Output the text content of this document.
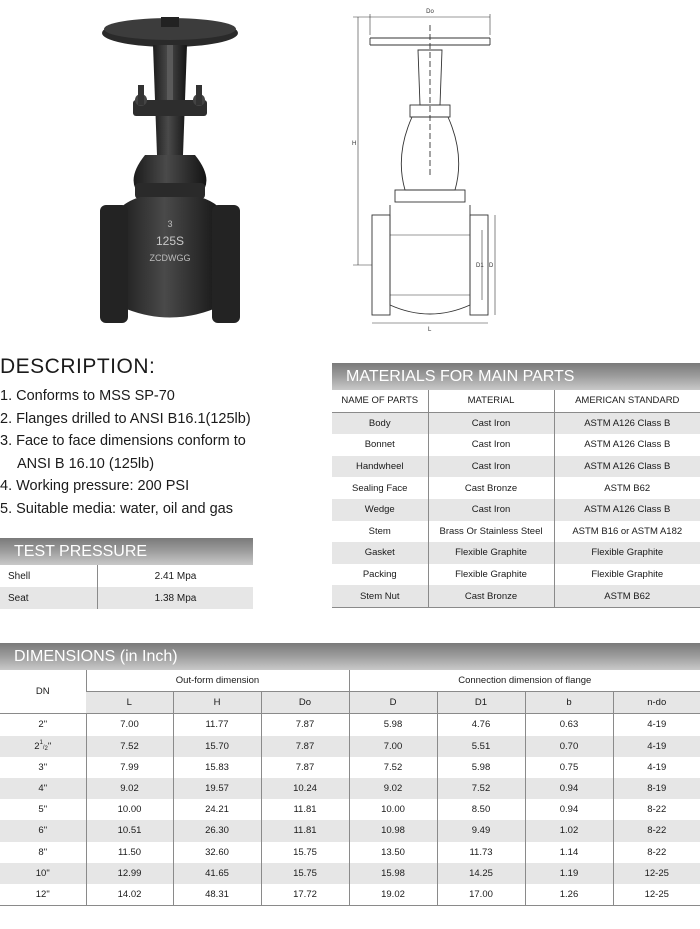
3
125S
ZCDWGG
Do
H
L
D1 D
DESCRIPTION:
1. Conforms to MSS SP-70
2. Flanges drilled to ANSI B16.1(125lb)
3. Face to face dimensions conform to
ANSI B 16.10 (125lb)
4. Working pressure: 200 PSI
5. Suitable media: water, oil and gas
TEST PRESSURE
Shell	2.41 Mpa
Seat	1.38 Mpa
MATERIALS FOR MAIN PARTS
NAME OF PARTS	MATERIAL	AMERICAN STANDARD
Body	Cast Iron	ASTM A126 Class B
Bonnet	Cast Iron	ASTM A126 Class B
Handwheel	Cast Iron	ASTM A126 Class B
Sealing Face	Cast Bronze	ASTM B62
Wedge	Cast Iron	ASTM A126 Class B
Stem	Brass Or Stainless Steel	ASTM B16 or ASTM A182
Gasket	Flexible Graphite	Flexible Graphite
Packing	Flexible Graphite	Flexible Graphite
Stem Nut	Cast Bronze	ASTM B62
DIMENSIONS (in Inch)
DN	Out-form dimension			Connection dimension of flange			
	L	H	Do	D	D1	b	n-do
2"	7.00	11.77	7.87	5.98	4.76	0.63	4-19
$2^1/_2$"	7.52	15.70	7.87	7.00	5.51	0.70	4-19
3"	7.99	15.83	7.87	7.52	5.98	0.75	4-19
4"	9.02	19.57	10.24	9.02	7.52	0.94	8-19
5"	10.00	24.21	11.81	10.00	8.50	0.94	8-22
6"	10.51	26.30	11.81	10.98	9.49	1.02	8-22
8"	11.50	32.60	15.75	13.50	11.73	1.14	8-22
10"	12.99	41.65	15.75	15.98	14.25	1.19	12-25
12"	14.02	48.31	17.72	19.02	17.00	1.26	12-25
